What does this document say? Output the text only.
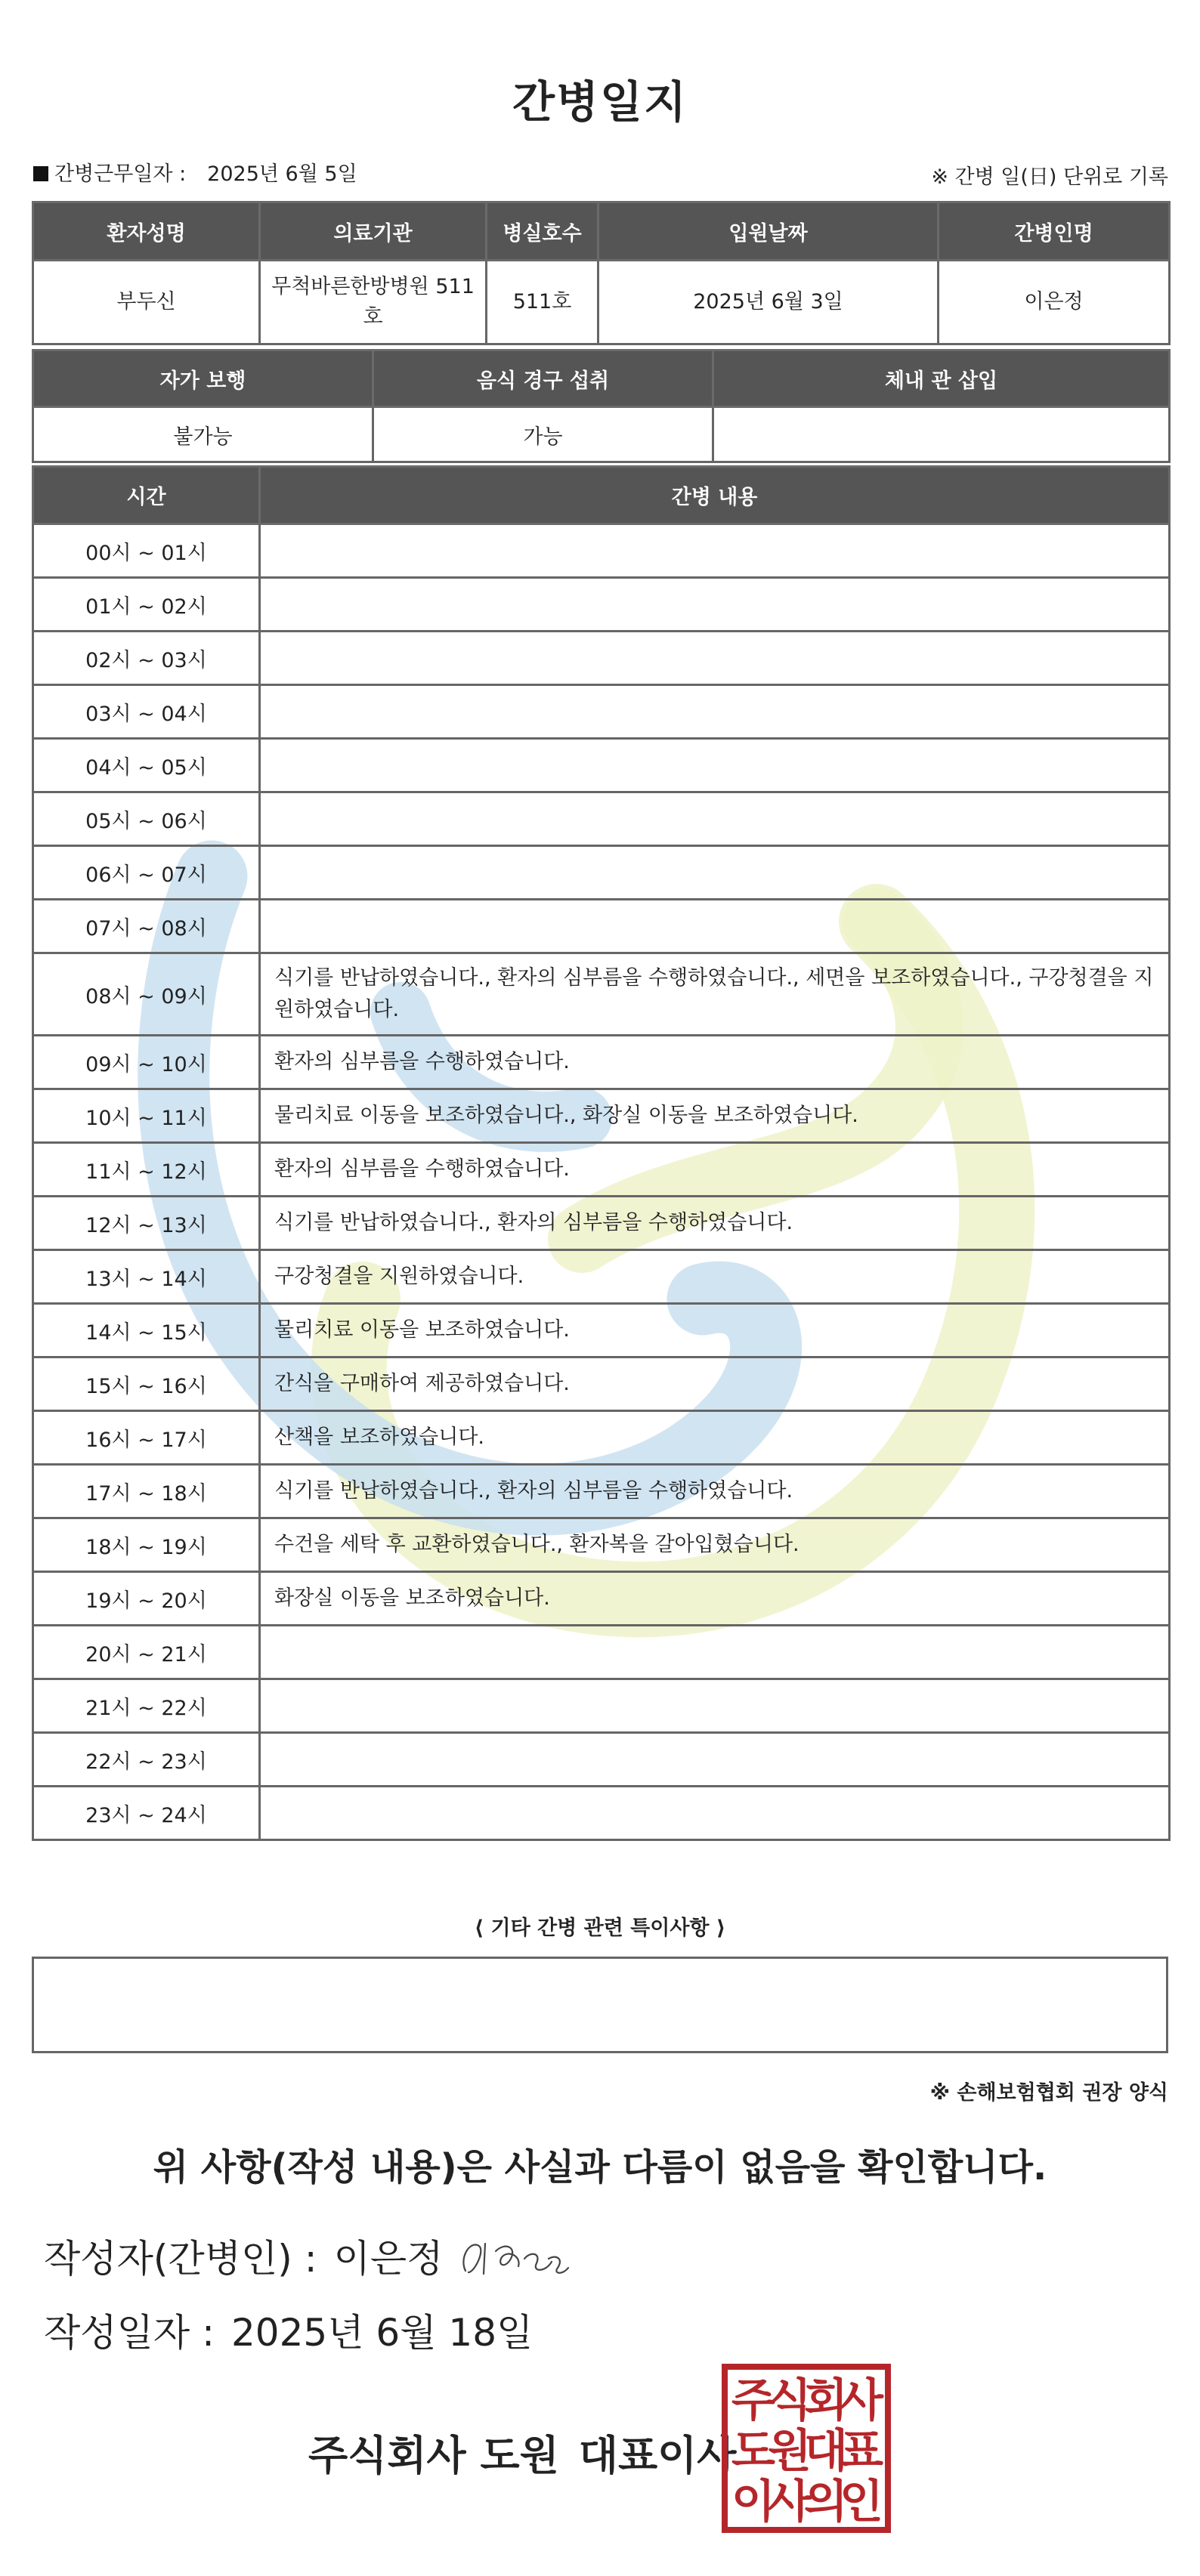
간병일지
간병근무일자 : 2025년 6월 5일	※ 간병 일(日) 단위로 기록
환자성명	의료기관	병실호수	입원날짜	간병인명
부두신	무척바른한방병원 511호	511호	2025년 6월 3일	이은정
자가 보행	음식 경구 섭취	체내 관 삽입
불가능	가능	
시간	간병 내용
00시 ~ 01시	
01시 ~ 02시	
02시 ~ 03시	
03시 ~ 04시	
04시 ~ 05시	
05시 ~ 06시	
06시 ~ 07시	
07시 ~ 08시	
08시 ~ 09시	식기를 반납하였습니다., 환자의 심부름을 수행하였습니다., 세면을 보조하였습니다., 구강청결을 지원하였습니다.
09시 ~ 10시	환자의 심부름을 수행하였습니다.
10시 ~ 11시	물리치료 이동을 보조하였습니다., 화장실 이동을 보조하였습니다.
11시 ~ 12시	환자의 심부름을 수행하였습니다.
12시 ~ 13시	식기를 반납하였습니다., 환자의 심부름을 수행하였습니다.
13시 ~ 14시	구강청결을 지원하였습니다.
14시 ~ 15시	물리치료 이동을 보조하였습니다.
15시 ~ 16시	간식을 구매하여 제공하였습니다.
16시 ~ 17시	산책을 보조하였습니다.
17시 ~ 18시	식기를 반납하였습니다., 환자의 심부름을 수행하였습니다.
18시 ~ 19시	수건을 세탁 후 교환하였습니다., 환자복을 갈아입혔습니다.
19시 ~ 20시	화장실 이동을 보조하였습니다.
20시 ~ 21시	
21시 ~ 22시	
22시 ~ 23시	
23시 ~ 24시	
⟨ 기타 간병 관련 특이사항 ⟩
※ 손해보험협회 권장 양식
위 사항(작성 내용)은 사실과 다름이 없음을 확인합니다.
작성자(간병인) : 이은정
작성일자 : 2025년 6월 18일
주식회사 도원 대표이사
주
식
회
사
도
원
대
표
이
사
의
인
